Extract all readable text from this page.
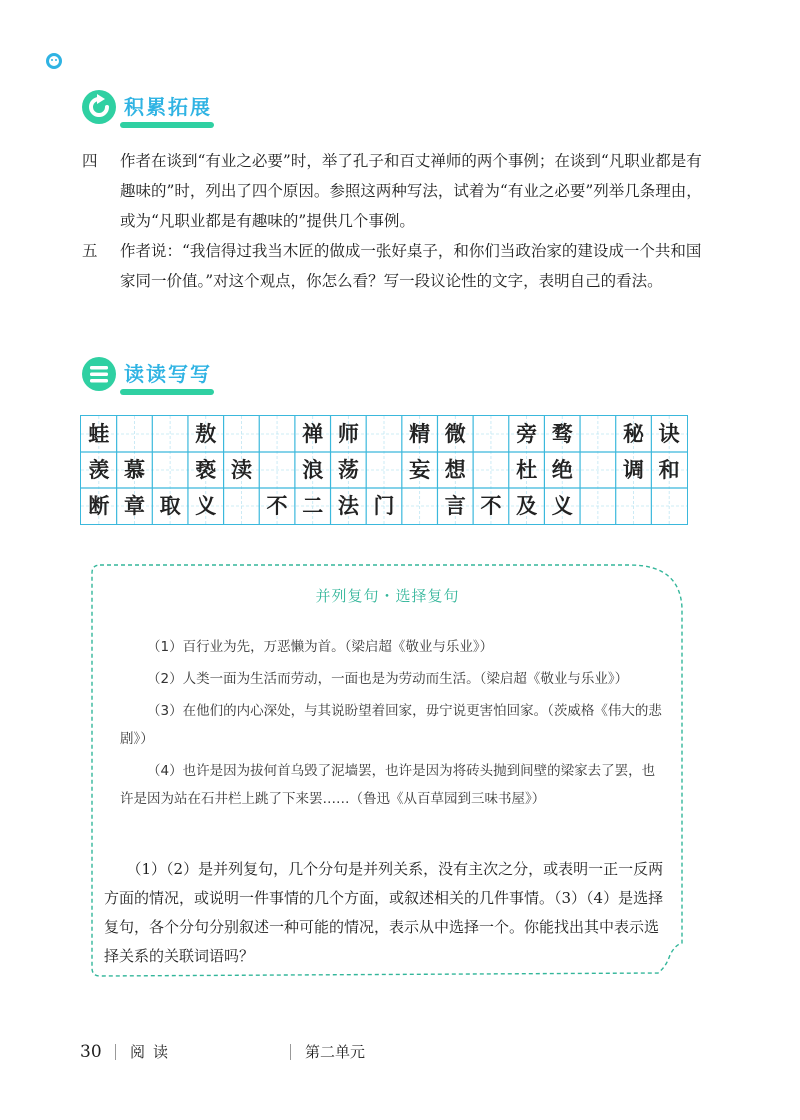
积累拓展
四	作者在谈到“有业之必要”时，举了孔子和百丈禅师的两个事例；在谈到“凡职业都是有趣味的”时，列出了四个原因。参照这两种写法，试着为“有业之必要”列举几条理由，或为“凡职业都是有趣味的”提供几个事例。
五	作者说：“我信得过我当木匠的做成一张好桌子，和你们当政治家的建设成一个共和国家同一价值。”对这个观点，你怎么看？写一段议论性的文字，表明自己的看法。
读读写写
蛙	敖	禅 师	精 微	旁 骛	秘 诀
羡 慕	亵 渎	浪 荡	妄 想	杜 绝	调 和
断 章 取 义	不 二 法 门	言 不 及 义
并列复句・选择复句

（1）百行业为先，万恶懒为首。（梁启超《敬业与乐业》）

（2）人类一面为生活而劳动，一面也是为劳动而生活。（梁启超《敬业与乐业》）

（3）在他们的内心深处，与其说盼望着回家，毋宁说更害怕回家。（茨威格《伟大的悲剧》）

（4）也许是因为拔何首乌毁了泥墙罢，也许是因为将砖头抛到间壁的梁家去了罢，也许是因为站在石井栏上跳了下来罢……（鲁迅《从百草园到三味书屋》）

（1）（2）是并列复句，几个分句是并列关系，没有主次之分，或表明一正一反两方面的情况，或说明一件事情的几个方面，或叙述相关的几件事情。（3）（4）是选择复句，各个分句分别叙述一种可能的情况，表示从中选择一个。你能找出其中表示选择关系的关联词语吗？
30 阅读	第二单元
